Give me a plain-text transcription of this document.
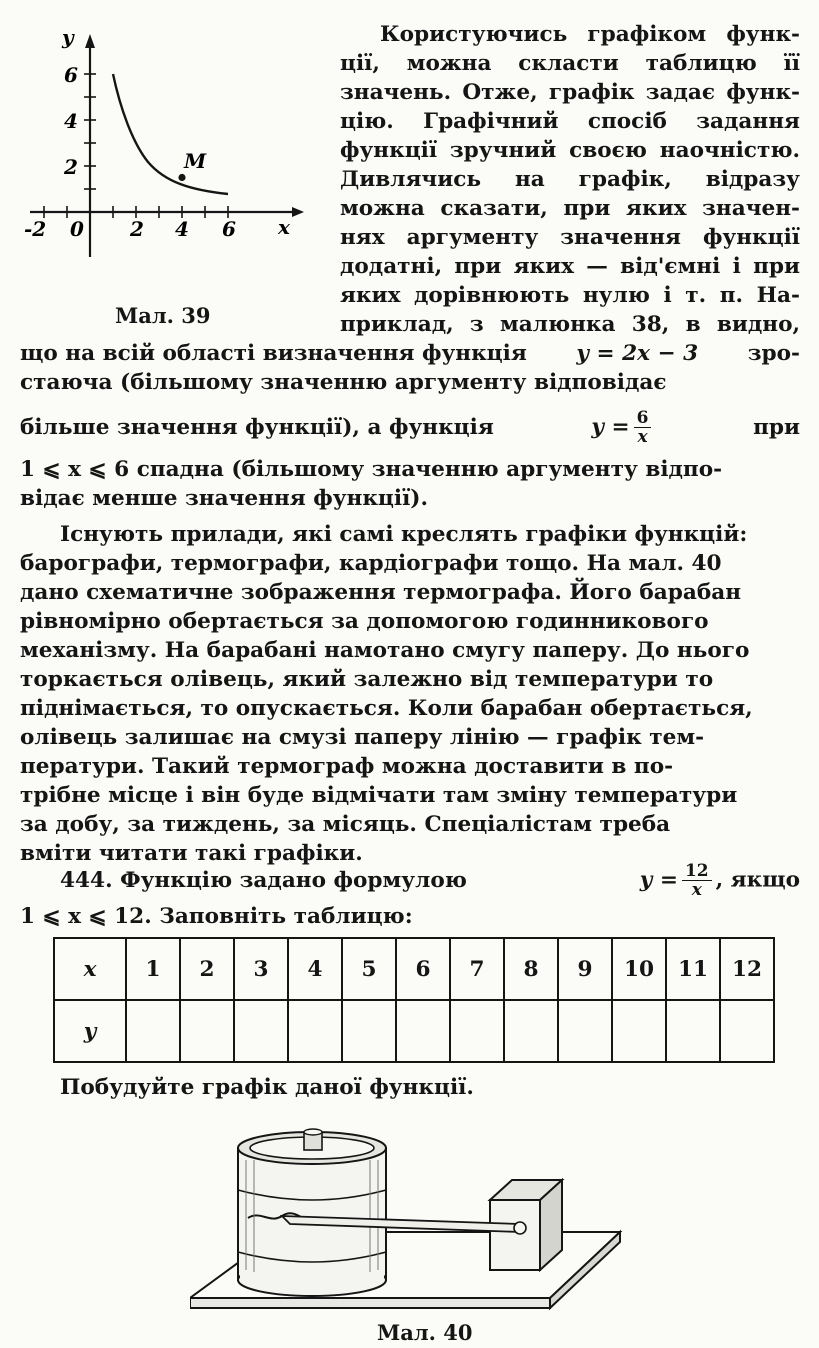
y
x
6
4
2
-2 0 2 4 6
M
Мал. 39
Користуючись графіком функ-
ції, можна скласти таблицю її
значень. Отже, графік задає функ-
цію. Графічний спосіб задання
функції зручний своєю наочністю.
Дивлячись на графік, відразу
можна сказати, при яких значен-
нях аргументу значення функції
додатні, при яких — від'ємні і при
яких дорівнюють нулю і т. п. На-
приклад, з малюнка 38, в видно,
що на всій області визначення функція y = 2x − 3 зро-
стаюча (більшому значенню аргументу відповідає
більше значення функції), а функція	$y = \frac{6}{x}$	при
1 ⩽ x ⩽ 6 спадна (більшому значенню аргументу відпо-
відає менше значення функції).
Існують прилади, які самі креслять графіки функцій:
барографи, термографи, кардіографи тощо. На мал. 40
дано схематичне зображення термографа. Його барабан
рівномірно обертається за допомогою годинникового
механізму. На барабані намотано смугу паперу. До нього
торкається олівець, який залежно від температури то
піднімається, то опускається. Коли барабан обертається,
олівець залишає на смузі паперу лінію — графік тем-
ператури. Такий термограф можна доставити в по-
трібне місце і він буде відмічати там зміну температури
за добу, за тиждень, за місяць. Спеціалістам треба
вміти читати такі графіки.
444. Функцію задано формулою	$y = \frac{12}{x}$ , якщо
1 ⩽ x ⩽ 12. Заповніть таблицю:
x	1	2	3	4	5	6	7	8	9	10	11	12
y												
Побудуйте графік даної функції.
Мал. 40
